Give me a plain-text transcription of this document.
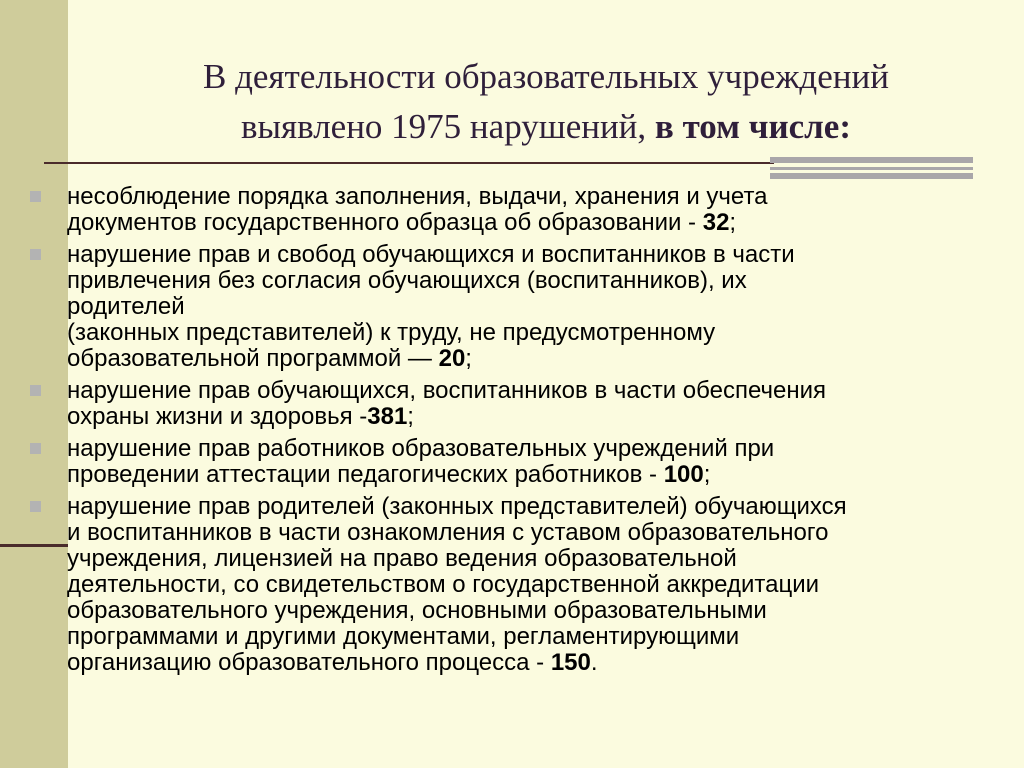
В деятельности образовательных учреждений
выявлено 1975 нарушений, в том числе:
несоблюдение порядка заполнения, выдачи, хранения и учета
документов государственного образца об образовании - 32;
нарушение прав и свобод обучающихся и воспитанников в части
привлечения без согласия обучающихся (воспитанников), их
родителей
(законных представителей) к труду, не предусмотренному
образовательной программой — 20;
нарушение прав обучающихся, воспитанников в части обеспечения
охраны жизни и здоровья -381;
нарушение прав работников образовательных учреждений при
проведении аттестации педагогических работников - 100;
нарушение прав родителей (законных представителей) обучающихся
и воспитанников в части ознакомления с уставом образовательного
учреждения, лицензией на право ведения образовательной
деятельности, со свидетельством о государственной аккредитации
образовательного учреждения, основными образовательными
программами и другими документами, регламентирующими
организацию образовательного процесса - 150.
